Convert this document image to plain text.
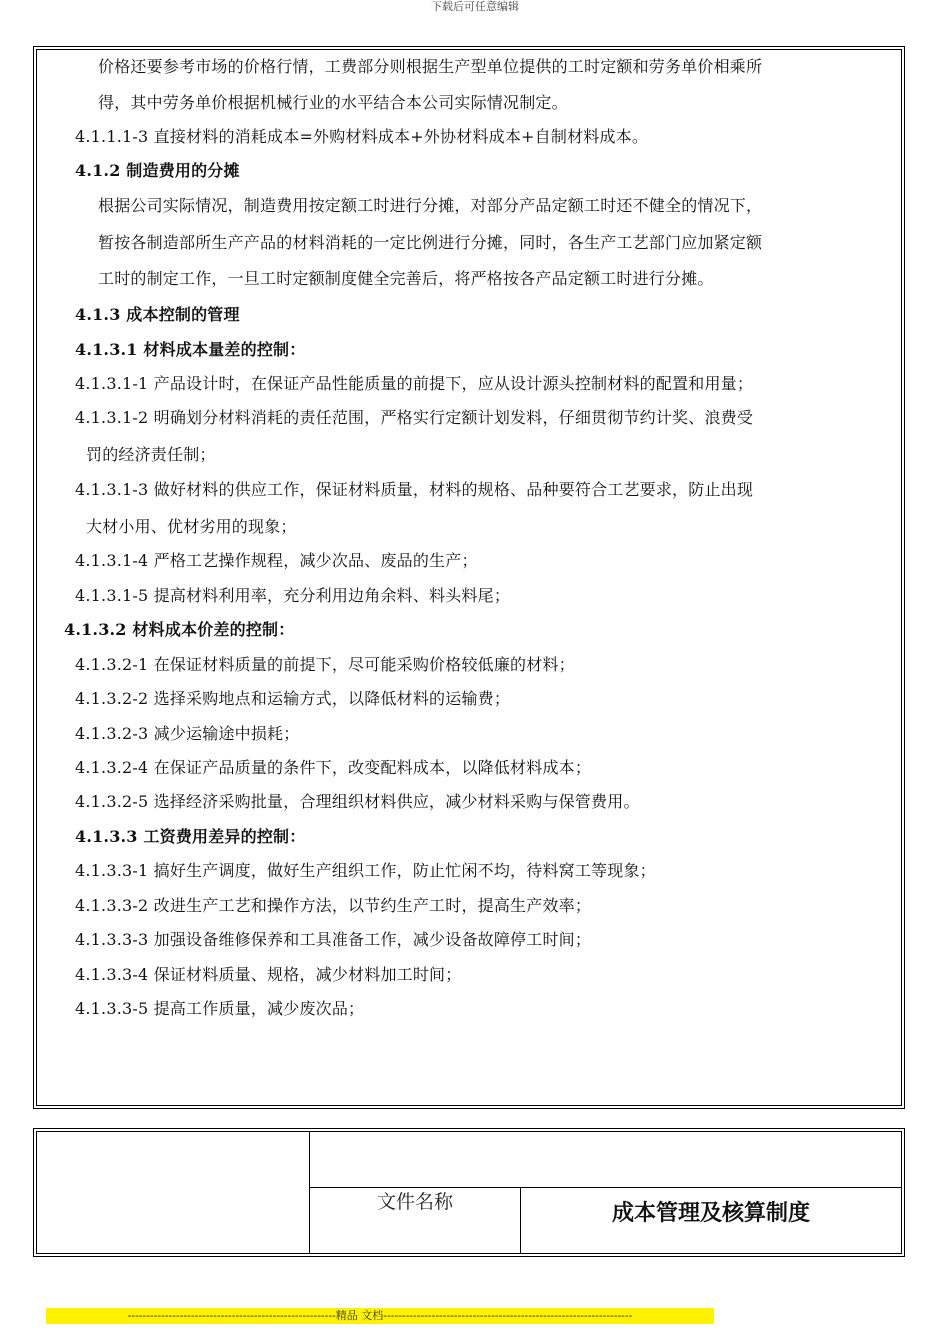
下载后可任意编辑
价格还要参考市场的价格行情，工费部分则根据生产型单位提供的工时定额和劳务单价相乘所
得，其中劳务单价根据机械行业的水平结合本公司实际情况制定。
4.1.1.1-3 直接材料的消耗成本=外购材料成本+外协材料成本+自制材料成本。
4.1.2 制造费用的分摊
根据公司实际情况，制造费用按定额工时进行分摊，对部分产品定额工时还不健全的情况下，
暂按各制造部所生产产品的材料消耗的一定比例进行分摊，同时，各生产工艺部门应加紧定额
工时的制定工作，一旦工时定额制度健全完善后，将严格按各产品定额工时进行分摊。
4.1.3 成本控制的管理
4.1.3.1 材料成本量差的控制：
4.1.3.1-1 产品设计时，在保证产品性能质量的前提下，应从设计源头控制材料的配置和用量；
4.1.3.1-2 明确划分材料消耗的责任范围，严格实行定额计划发料，仔细贯彻节约计奖、浪费受
罚的经济责任制；
4.1.3.1-3 做好材料的供应工作，保证材料质量，材料的规格、品种要符合工艺要求，防止出现
大材小用、优材劣用的现象；
4.1.3.1-4 严格工艺操作规程，减少次品、废品的生产；
4.1.3.1-5 提高材料利用率，充分利用边角余料、料头料尾；
4.1.3.2 材料成本价差的控制：
4.1.3.2-1 在保证材料质量的前提下，尽可能采购价格较低廉的材料；
4.1.3.2-2 选择采购地点和运输方式，以降低材料的运输费；
4.1.3.2-3 减少运输途中损耗；
4.1.3.2-4 在保证产品质量的条件下，改变配料成本，以降低材料成本；
4.1.3.2-5 选择经济采购批量，合理组织材料供应，减少材料采购与保管费用。
4.1.3.3 工资费用差异的控制：
4.1.3.3-1 搞好生产调度，做好生产组织工作，防止忙闲不均，待料窝工等现象；
4.1.3.3-2 改进生产工艺和操作方法，以节约生产工时，提高生产效率；
4.1.3.3-3 加强设备维修保养和工具准备工作，减少设备故障停工时间；
4.1.3.3-4 保证材料质量、规格，减少材料加工时间；
4.1.3.3-5 提高工作质量，减少废次品；
文件名称	成本管理及核算制度
--------------------------------------------------------精品 文档-------------------------------------------------------------------
